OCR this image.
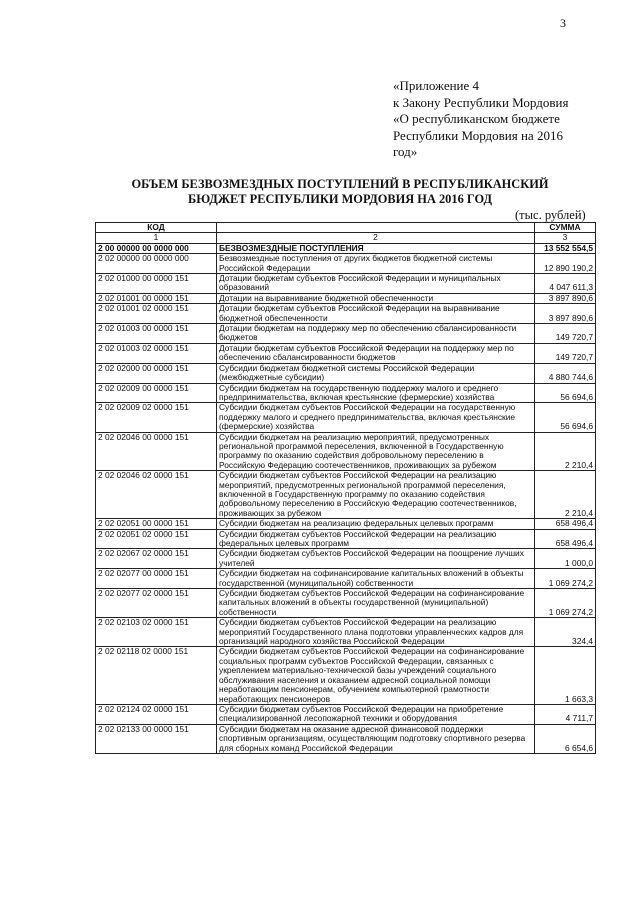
3
«Приложение 4
к Закону Республики Мордовия
«О республиканском бюджете
Республики Мордовия на 2016
год»
ОБЪЕМ БЕЗВОЗМЕЗДНЫХ ПОСТУПЛЕНИЙ В РЕСПУБЛИКАНСКИЙ
БЮДЖЕТ РЕСПУБЛИКИ МОРДОВИЯ НА 2016 ГОД
(тыс. рублей)
КОД		СУММА
1	2	3
2 00 00000 00 0000 000	БЕЗВОЗМЕЗДНЫЕ ПОСТУПЛЕНИЯ	13 552 554,5
2 02 00000 00 0000 000	Безвозмездные поступления от других бюджетов бюджетной системы Российской Федерации	12 890 190,2
2 02 01000 00 0000 151	Дотации бюджетам субъектов Российской Федерации и муниципальных образований	4 047 611,3
2 02 01001 00 0000 151	Дотации на выравнивание бюджетной обеспеченности	3 897 890,6
2 02 01001 02 0000 151	Дотации бюджетам субъектов Российской Федерации на выравнивание бюджетной обеспеченности	3 897 890,6
2 02 01003 00 0000 151	Дотации бюджетам на поддержку мер по обеспечению сбалансированности бюджетов	149 720,7
2 02 01003 02 0000 151	Дотации бюджетам субъектов Российской Федерации на поддержку мер по обеспечению сбалансированности бюджетов	149 720,7
2 02 02000 00 0000 151	Субсидии бюджетам бюджетной системы Российской Федерации (межбюджетные субсидии)	4 880 744,6
2 02 02009 00 0000 151	Субсидии бюджетам на государственную поддержку малого и среднего предпринимательства, включая крестьянские (фермерские) хозяйства	56 694,6
2 02 02009 02 0000 151	Субсидии бюджетам субъектов Российской Федерации на государственную поддержку малого и среднего предпринимательства, включая крестьянские (фермерские) хозяйства	56 694,6
2 02 02046 00 0000 151	Субсидии бюджетам на реализацию мероприятий, предусмотренных региональной программой переселения, включенной в Государственную программу по оказанию содействия добровольному переселению в Российскую Федерацию соотечественников, проживающих за рубежом	2 210,4
2 02 02046 02 0000 151	Субсидии бюджетам субъектов Российской Федерации на реализацию мероприятий, предусмотренных региональной программой переселения, включенной в Государственную программу по оказанию содействия добровольному переселению в Российскую Федерацию соотечественников, проживающих за рубежом	2 210,4
2 02 02051 00 0000 151	Субсидии бюджетам на реализацию федеральных целевых программ	658 496,4
2 02 02051 02 0000 151	Субсидии бюджетам субъектов Российской Федерации на реализацию федеральных целевых программ	658 496,4
2 02 02067 02 0000 151	Субсидии бюджетам субъектов Российской Федерации на поощрение лучших учителей	1 000,0
2 02 02077 00 0000 151	Субсидии бюджетам на софинансирование капитальных вложений в объекты государственной (муниципальной) собственности	1 069 274,2
2 02 02077 02 0000 151	Субсидии бюджетам субъектов Российской Федерации на софинансирование капитальных вложений в объекты государственной (муниципальной) собственности	1 069 274,2
2 02 02103 02 0000 151	Субсидии бюджетам субъектов Российской Федерации на реализацию мероприятий Государственного плана подготовки управленческих кадров для организаций народного хозяйства Российской Федерации	324,4
2 02 02118 02 0000 151	Субсидии бюджетам субъектов Российской Федерации на софинансирование социальных программ субъектов Российской Федерации, связанных с укреплением материально-технической базы учреждений социального обслуживания населения и оказанием адресной социальной помощи неработающим пенсионерам, обучением компьютерной грамотности неработающих пенсионеров	1 663,3
2 02 02124 02 0000 151	Субсидии бюджетам субъектов Российской Федерации на приобретение специализированной лесопожарной техники и оборудования	4 711,7
2 02 02133 00 0000 151	Субсидии бюджетам на оказание адресной финансовой поддержки спортивным организациям, осуществляющим подготовку спортивного резерва для сборных команд Российской Федерации	6 654,6
